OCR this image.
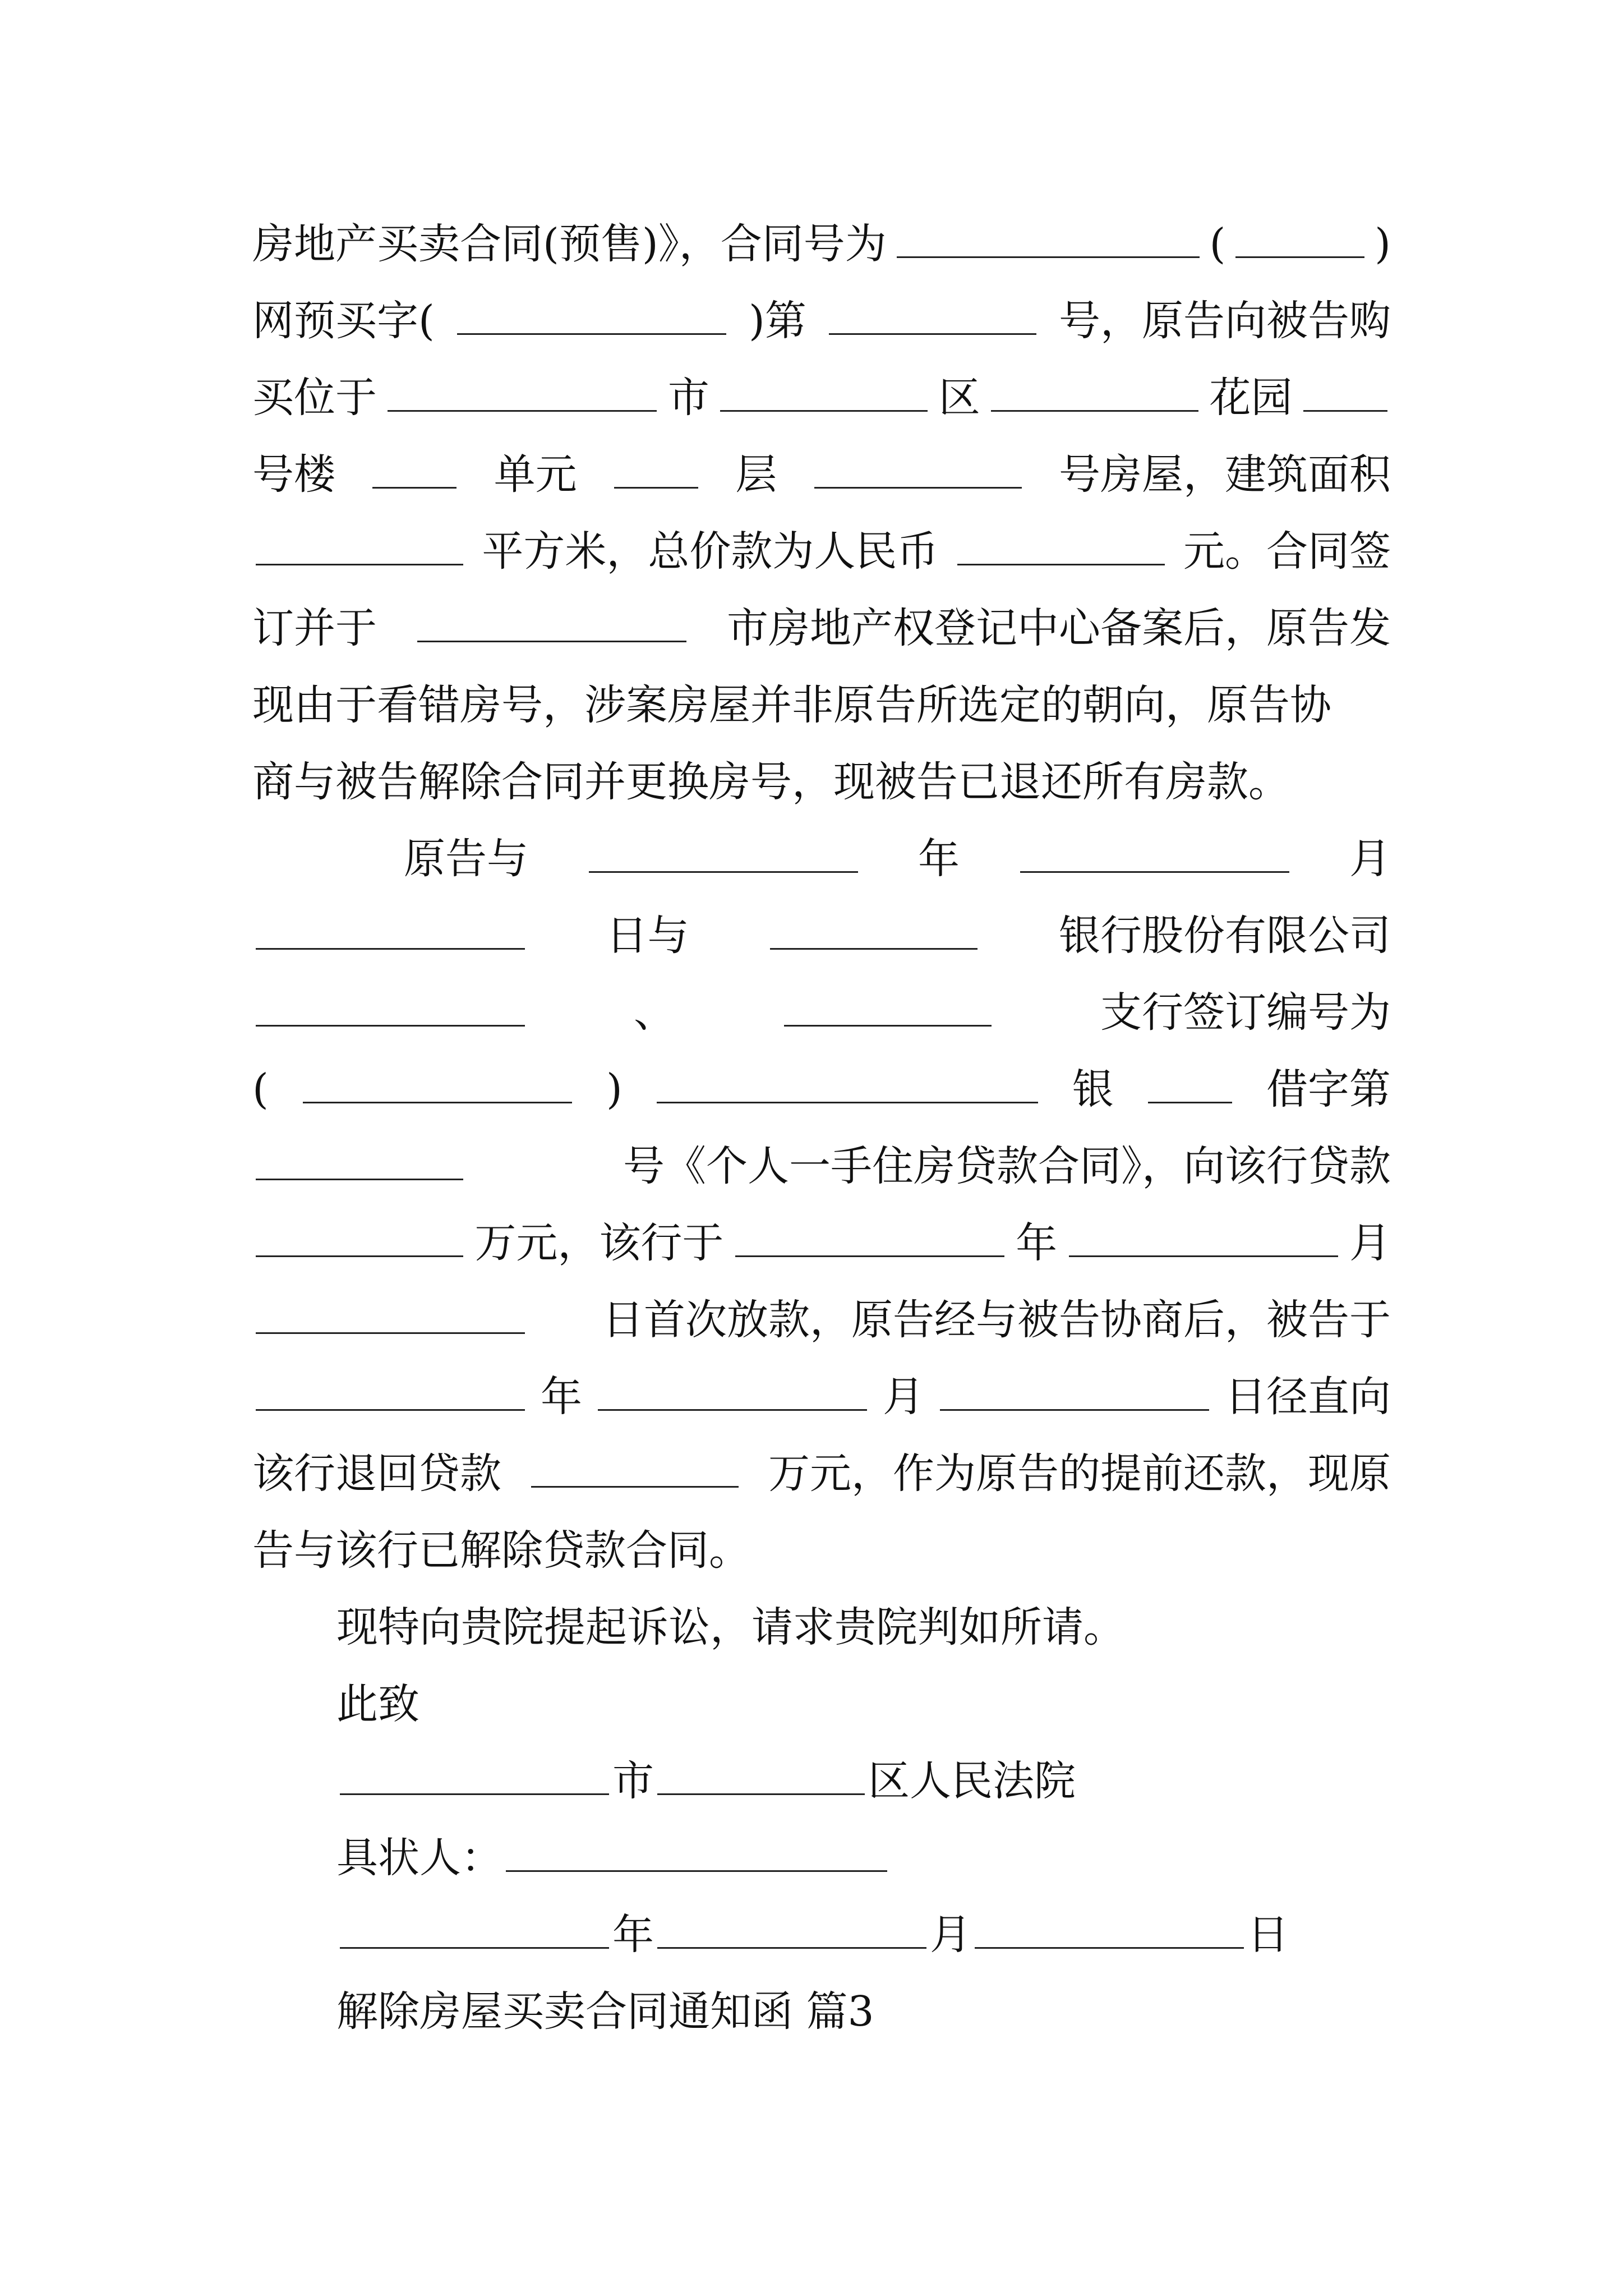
房地产买卖合同(预售)》，合同号为	(	)
网预买字(	)第	号，原告向被告购
买位于	市	区	花园
号楼	单元	层	号房屋，建筑面积
平方米，总价款为人民币	元。合同签
订并于	市房地产权登记中心备案后，原告发
现由于看错房号，涉案房屋并非原告所选定的朝向，原告协
商与被告解除合同并更换房号，现被告已退还所有房款。
原告与	年	月
日与	银行股份有限公司
、	支行签订编号为
(	)	银	借字第
号《个人一手住房贷款合同》，向该行贷款
万元，该行于	年	月
日首次放款，原告经与被告协商后，被告于
年	月	日径直向
该行退回贷款	万元，作为原告的提前还款，现原
告与该行已解除贷款合同。
现特向贵院提起诉讼，请求贵院判如所请。
此致
市	区人民法院
具状人：
年	月	日
解除房屋买卖合同通知函 篇3
